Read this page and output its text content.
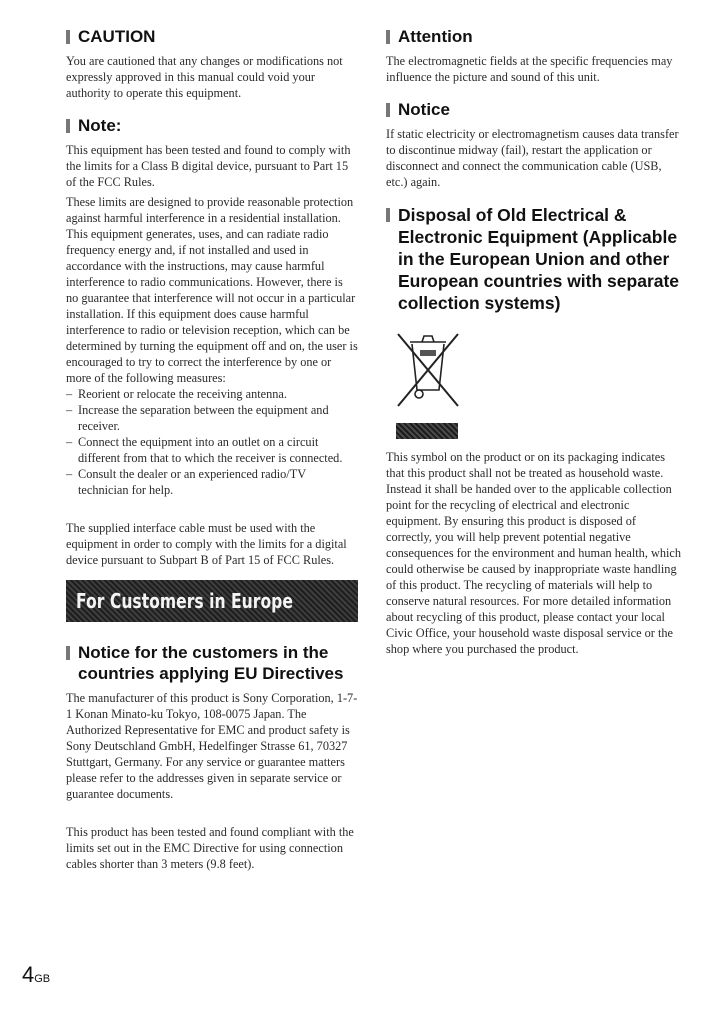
CAUTION

You are cautioned that any changes or modifications not expressly approved in this manual could void your authority to operate this equipment.

Note:

This equipment has been tested and found to comply with the limits for a Class B digital device, pursuant to Part 15 of the FCC Rules.

These limits are designed to provide reasonable protection against harmful interference in a residential installation. This equipment generates, uses, and can radiate radio frequency energy and, if not installed and used in accordance with the instructions, may cause harmful interference to radio communications. However, there is no guarantee that interference will not occur in a particular installation. If this equipment does cause harmful interference to radio or television reception, which can be determined by turning the equipment off and on, the user is encouraged to try to correct the interference by one or more of the following measures:

– Reorient or relocate the receiving antenna.
– Increase the separation between the equipment and receiver.
– Connect the equipment into an outlet on a circuit different from that to which the receiver is connected.
– Consult the dealer or an experienced radio/TV technician for help.

The supplied interface cable must be used with the equipment in order to comply with the limits for a digital device pursuant to Subpart B of Part 15 of FCC Rules.

For Customers in Europe
Notice for the customers in the countries applying EU Directives

The manufacturer of this product is Sony Corporation, 1-7-1 Konan Minato-ku Tokyo, 108-0075 Japan. The Authorized Representative for EMC and product safety is Sony Deutschland GmbH, Hedelfinger Strasse 61, 70327 Stuttgart, Germany. For any service or guarantee matters please refer to the addresses given in separate service or guarantee documents.

This product has been tested and found compliant with the limits set out in the EMC Directive for using connection cables shorter than 3 meters (9.8 feet).

Attention

The electromagnetic fields at the specific frequencies may influence the picture and sound of this unit.

Notice

If static electricity or electromagnetism causes data transfer to discontinue midway (fail), restart the application or disconnect and connect the communication cable (USB, etc.) again.

Disposal of Old Electrical & Electronic Equipment (Applicable in the European Union and other European countries with separate collection systems)

This symbol on the product or on its packaging indicates that this product shall not be treated as household waste. Instead it shall be handed over to the applicable collection point for the recycling of electrical and electronic equipment. By ensuring this product is disposed of correctly, you will help prevent potential negative consequences for the environment and human health, which could otherwise be caused by inappropriate waste handling of this product. The recycling of materials will help to conserve natural resources. For more detailed information about recycling of this product, please contact your local Civic Office, your household waste disposal service or the shop where you purchased the product.

4GB
